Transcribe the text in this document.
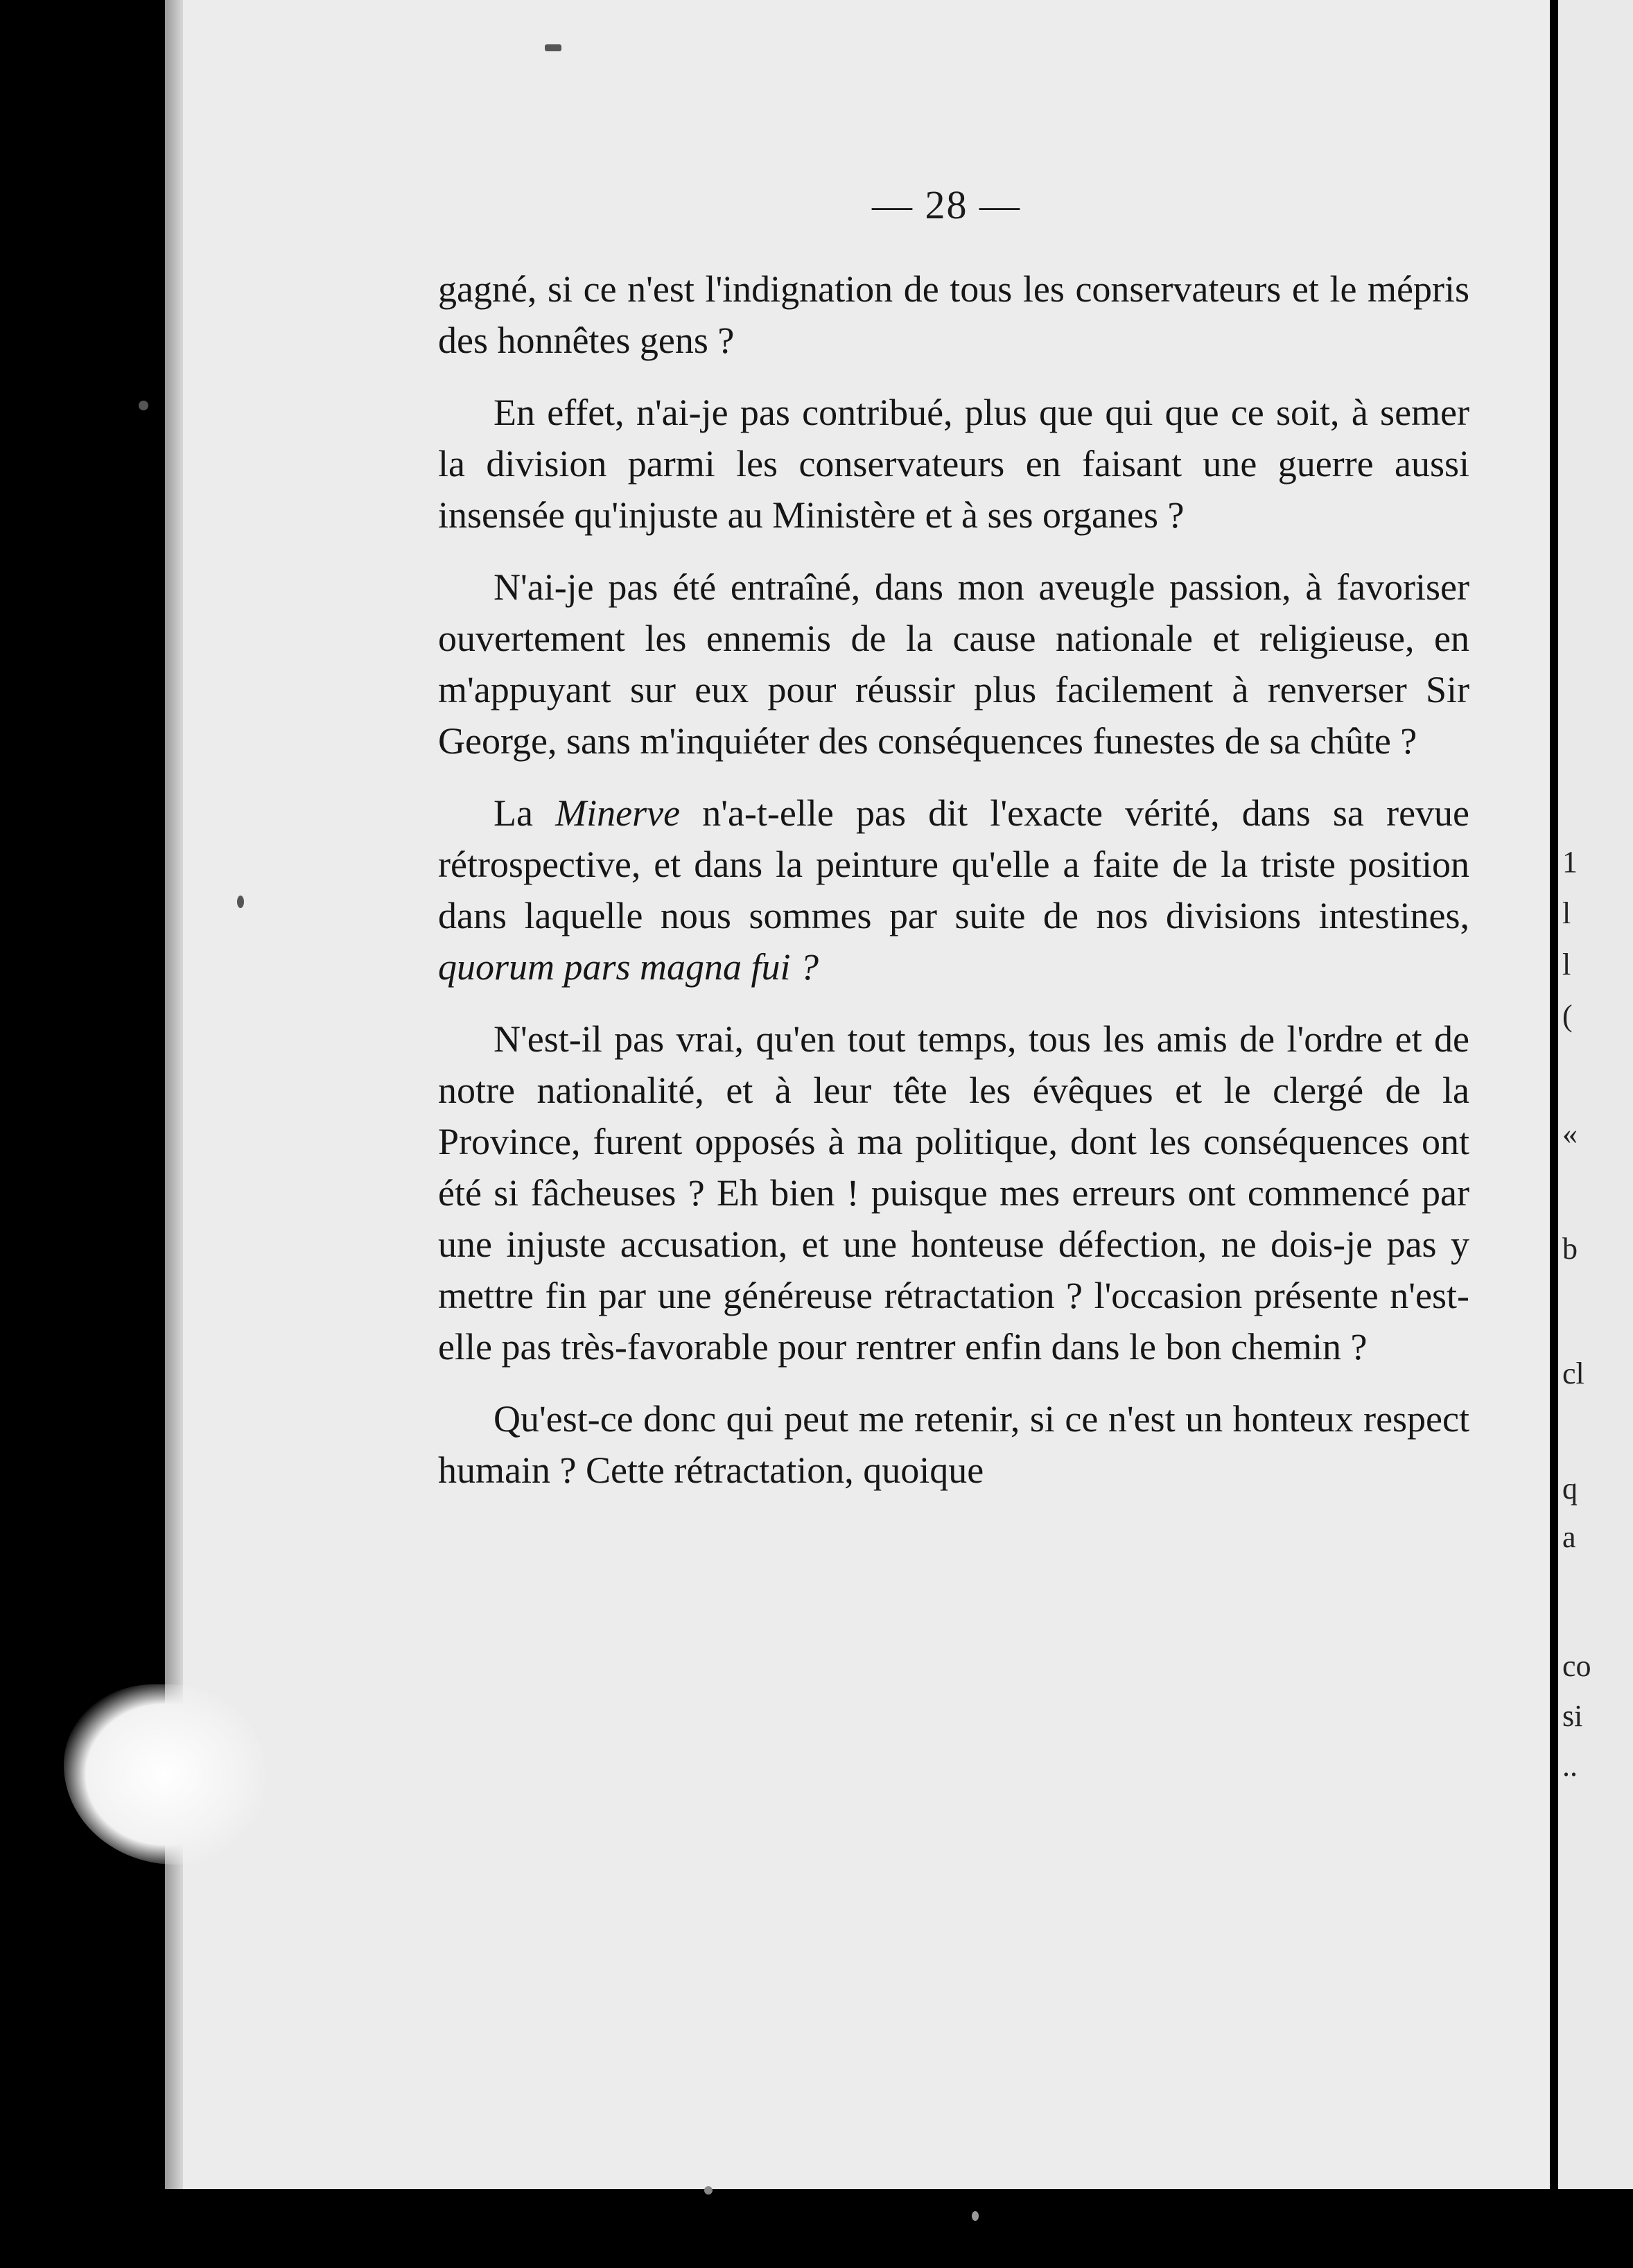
1
l
l
(
«
b
cl
q
a
co
si
..
— 28 —

gagné, si ce n'est l'indignation de tous les conservateurs et le mépris des honnêtes gens ?

En effet, n'ai-je pas contribué, plus que qui que ce soit, à semer la division parmi les conservateurs en faisant une guerre aussi insensée qu'injuste au Ministère et à ses organes ?

N'ai-je pas été entraîné, dans mon aveugle passion, à favoriser ouvertement les ennemis de la cause nationale et religieuse, en m'appuyant sur eux pour réussir plus facilement à renverser Sir George, sans m'inquiéter des conséquences funestes de sa chûte ?

La Minerve n'a-t-elle pas dit l'exacte vérité, dans sa revue rétrospective, et dans la peinture qu'elle a faite de la triste position dans laquelle nous sommes par suite de nos divisions intestines, quorum pars magna fui ?

N'est-il pas vrai, qu'en tout temps, tous les amis de l'ordre et de notre nationalité, et à leur tête les évêques et le clergé de la Province, furent opposés à ma politique, dont les conséquences ont été si fâcheuses ? Eh bien ! puisque mes erreurs ont commencé par une injuste accusation, et une honteuse défection, ne dois-je pas y mettre fin par une généreuse rétractation ? l'occasion présente n'est-elle pas très-favorable pour rentrer enfin dans le bon chemin ?

Qu'est-ce donc qui peut me retenir, si ce n'est un honteux respect humain ? Cette rétractation, quoique
